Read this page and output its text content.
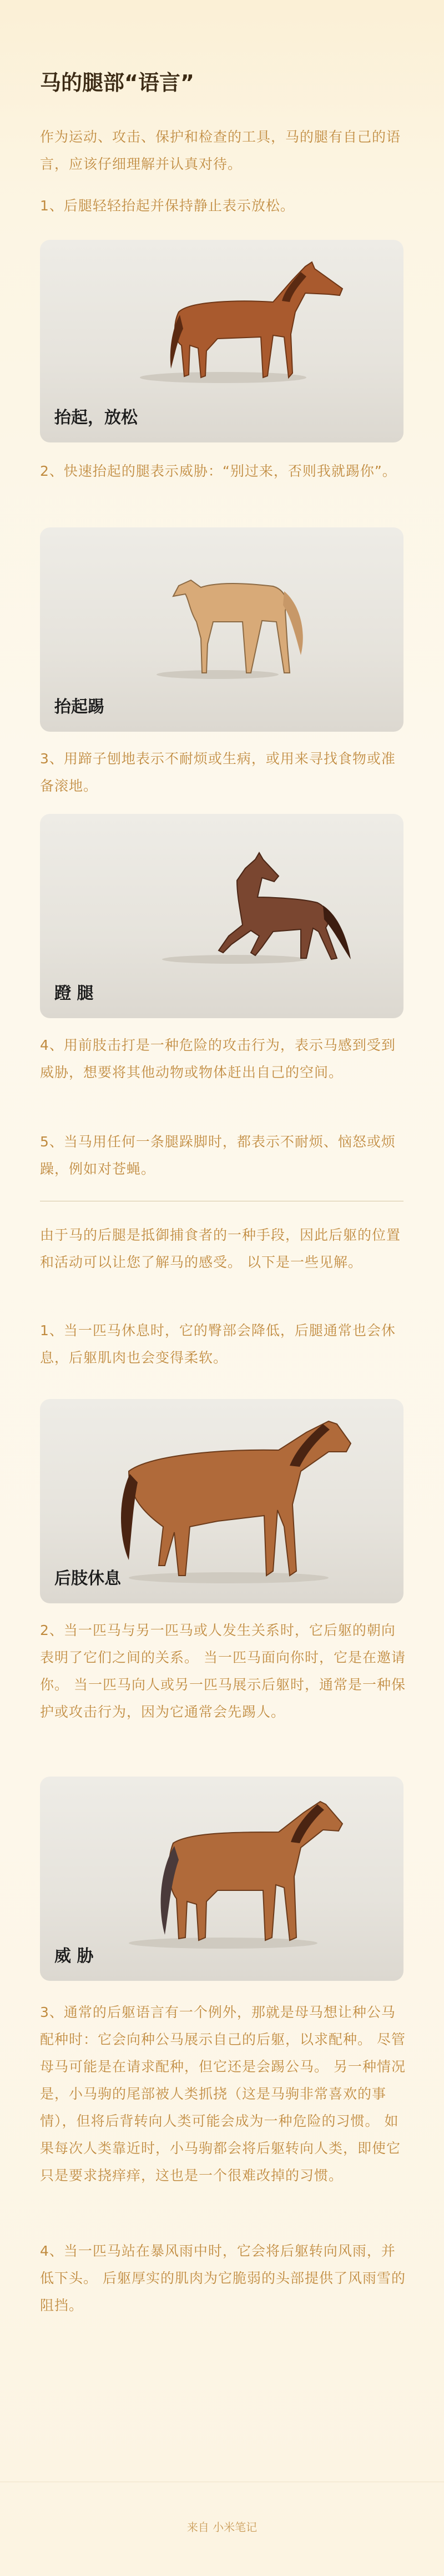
马的腿部“语言”
作为运动、攻击、保护和检查的工具，马的腿有自己的语言，应该仔细理解并认真对待。
1、后腿轻轻抬起并保持静止表示放松。
抬起，放松
2、快速抬起的腿表示威胁：“别过来，否则我就踢你”。
抬起踢
3、用蹄子刨地表示不耐烦或生病，或用来寻找食物或准备滚地。
蹬 腿
4、用前肢击打是一种危险的攻击行为，表示马感到受到威胁，想要将其他动物或物体赶出自己的空间。
5、当马用任何一条腿跺脚时，都表示不耐烦、恼怒或烦躁，例如对苍蝇。
由于马的后腿是抵御捕食者的一种手段，因此后躯的位置和活动可以让您了解马的感受。 以下是一些见解。
1、当一匹马休息时，它的臀部会降低，后腿通常也会休息，后躯肌肉也会变得柔软。
后肢休息
2、当一匹马与另一匹马或人发生关系时，它后躯的朝向表明了它们之间的关系。 当一匹马面向你时，它是在邀请你。 当一匹马向人或另一匹马展示后躯时，通常是一种保护或攻击行为，因为它通常会先踢人。
威 胁
3、通常的后躯语言有一个例外，那就是母马想让种公马配种时：它会向种公马展示自己的后躯，以求配种。 尽管母马可能是在请求配种，但它还是会踢公马。 另一种情况是，小马驹的尾部被人类抓挠（这是马驹非常喜欢的事情），但将后背转向人类可能会成为一种危险的习惯。 如果每次人类靠近时，小马驹都会将后躯转向人类，即使它只是要求挠痒痒，这也是一个很难改掉的习惯。
4、当一匹马站在暴风雨中时，它会将后躯转向风雨，并低下头。 后躯厚实的肌肉为它脆弱的头部提供了风雨雪的阻挡。
来自 小米笔记
